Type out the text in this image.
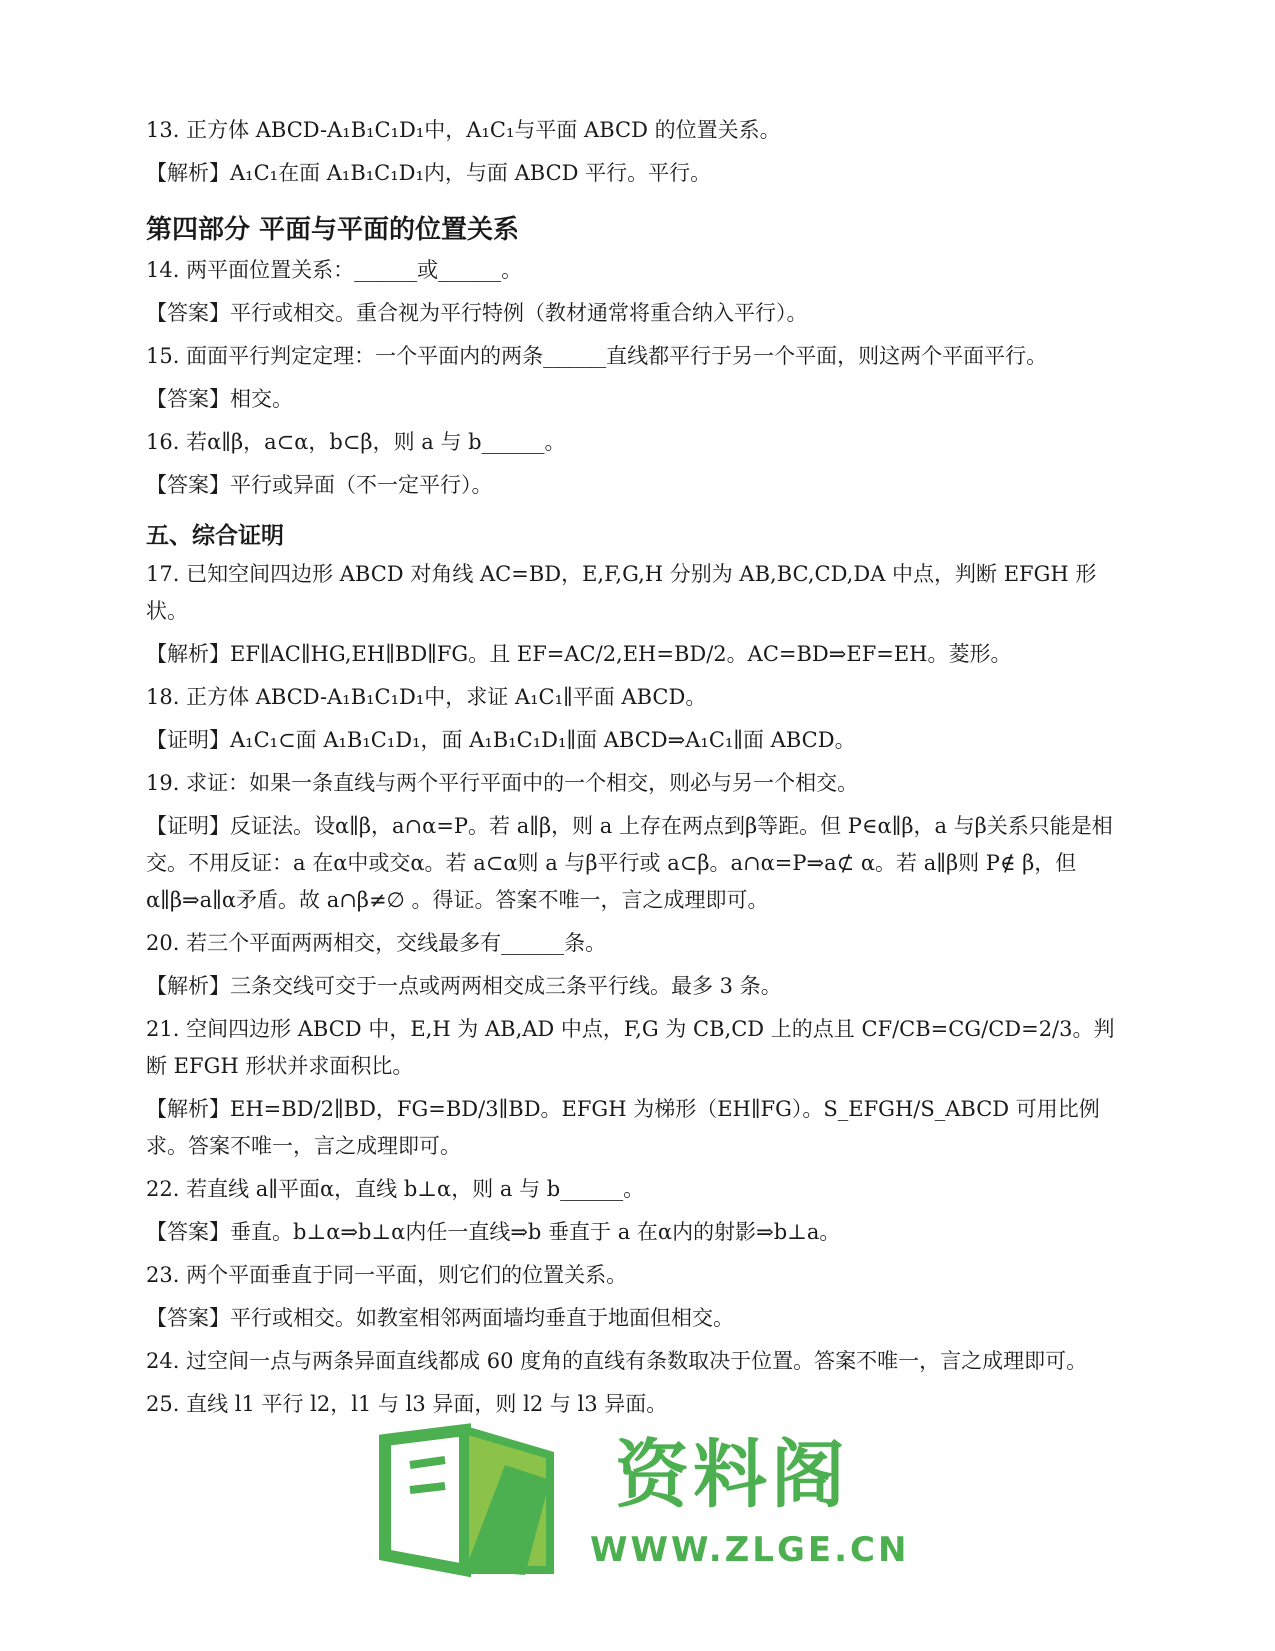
13. 正方体 ABCD-A₁B₁C₁D₁中，A₁C₁与平面 ABCD 的位置关系。
【解析】A₁C₁在面 A₁B₁C₁D₁内，与面 ABCD 平行。平行。
第四部分 平面与平面的位置关系
14. 两平面位置关系：______或______。
【答案】平行或相交。重合视为平行特例（教材通常将重合纳入平行）。
15. 面面平行判定定理：一个平面内的两条______直线都平行于另一个平面，则这两个平面平行。
【答案】相交。
16. 若α∥β，a⊂α，b⊂β，则 a 与 b______。
【答案】平行或异面（不一定平行）。
五、综合证明
17. 已知空间四边形 ABCD 对角线 AC=BD，E,F,G,H 分别为 AB,BC,CD,DA 中点，判断 EFGH 形状。
【解析】EF∥AC∥HG,EH∥BD∥FG。且 EF=AC/2,EH=BD/2。AC=BD⇒EF=EH。菱形。
18. 正方体 ABCD-A₁B₁C₁D₁中，求证 A₁C₁∥平面 ABCD。
【证明】A₁C₁⊂面 A₁B₁C₁D₁，面 A₁B₁C₁D₁∥面 ABCD⇒A₁C₁∥面 ABCD。
19. 求证：如果一条直线与两个平行平面中的一个相交，则必与另一个相交。
【证明】反证法。设α∥β，a∩α=P。若 a∥β，则 a 上存在两点到β等距。但 P∈α∥β，a 与β关系只能是相交。不用反证：a 在α中或交α。若 a⊂α则 a 与β平行或 a⊂β。a∩α=P⇒a⊄ α。若 a∥β则 P∉ β，但α∥β⇒a∥α矛盾。故 a∩β≠∅ 。得证。答案不唯一，言之成理即可。
20. 若三个平面两两相交，交线最多有______条。
【解析】三条交线可交于一点或两两相交成三条平行线。最多 3 条。
21. 空间四边形 ABCD 中，E,H 为 AB,AD 中点，F,G 为 CB,CD 上的点且 CF/CB=CG/CD=2/3。判断 EFGH 形状并求面积比。
【解析】EH=BD/2∥BD，FG=BD/3∥BD。EFGH 为梯形（EH∥FG）。S_EFGH/S_ABCD 可用比例求。答案不唯一，言之成理即可。
22. 若直线 a∥平面α，直线 b⊥α，则 a 与 b______。
【答案】垂直。b⊥α⇒b⊥α内任一直线⇒b 垂直于 a 在α内的射影⇒b⊥a。
23. 两个平面垂直于同一平面，则它们的位置关系。
【答案】平行或相交。如教室相邻两面墙均垂直于地面但相交。
24. 过空间一点与两条异面直线都成 60 度角的直线有条数取决于位置。答案不唯一，言之成理即可。
25. 直线 l1 平行 l2，l1 与 l3 异面，则 l2 与 l3 异面。
资料阁
WWW.ZLGE.CN
